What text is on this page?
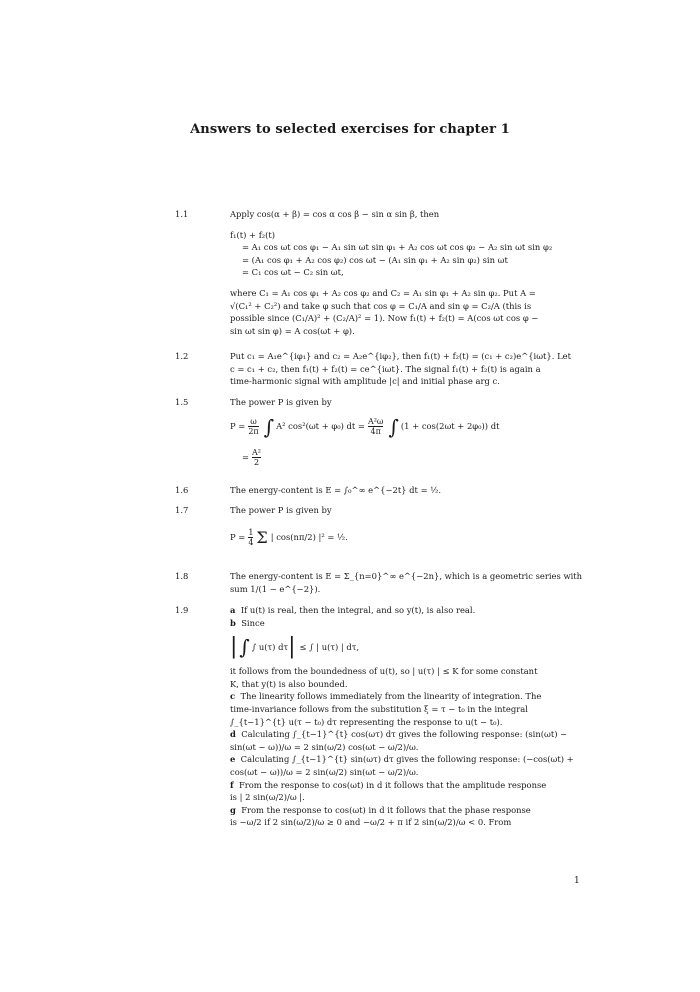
Answers to selected exercises for chapter 1
1.1	Apply cos(α + β) = cos α cos β − sin α sin β, then

f₁(t) + f₂(t)

= A₁ cos ωt cos φ₁ − A₁ sin ωt sin φ₁ + A₂ cos ωt cos φ₂ − A₂ sin ωt sin φ₂

= (A₁ cos φ₁ + A₂ cos φ₂) cos ωt − (A₁ sin φ₁ + A₂ sin φ₂) sin ωt

= C₁ cos ωt − C₂ sin ωt,

where C₁ = A₁ cos φ₁ + A₂ cos φ₂ and C₂ = A₁ sin φ₁ + A₂ sin φ₂. Put A =

√(C₁² + C₂²) and take φ such that cos φ = C₁/A and sin φ = C₂/A (this is

possible since (C₁/A)² + (C₂/A)² = 1). Now f₁(t) + f₂(t) = A(cos ωt cos φ −

sin ωt sin φ) = A cos(ωt + φ).

1.2	Put c₁ = A₁e^{iφ₁} and c₂ = A₂e^{iφ₂}, then f₁(t) + f₂(t) = (c₁ + c₂)e^{iωt}. Let

c = c₁ + c₂, then f₁(t) + f₂(t) = ce^{iωt}. The signal f₁(t) + f₂(t) is again a

time-harmonic signal with amplitude |c| and initial phase arg c.

1.5	The power P is given by

$P = \frac{\omega}{2\pi}$ ∫ A² cos²(ωt + φ₀) dt = $\frac{\text{A²ω}}{4\pi}$ ∫ (1 + cos(2ωt + 2φ₀)) dt
= $\frac{\text{A²}}{2}$
1.6	The energy-content is E = ∫₀^∞ e^{−2t} dt = ½.

1.7	The power P is given by

$P = \frac{1}{4}$ Σ | cos(nπ/2) |² = ½.
1.8	The energy-content is E = Σ_{n=0}^∞ e^{−2n}, which is a geometric series with

sum 1/(1 − e^{−2}).

1.9	a If u(t) is real, then the integral, and so y(t), is also real.

b Since

| ∫ ∫ u(τ) dτ | ≤ ∫ | u(τ) | dτ,

it follows from the boundedness of u(t), so | u(τ) | ≤ K for some constant

K, that y(t) is also bounded.

c The linearity follows immediately from the linearity of integration. The

time-invariance follows from the substitution ξ = τ − t₀ in the integral

∫_{t−1}^{t} u(τ − t₀) dτ representing the response to u(t − t₀).

d Calculating ∫_{t−1}^{t} cos(ωτ) dτ gives the following response: (sin(ωt) −

sin(ωt − ω))/ω = 2 sin(ω/2) cos(ωt − ω/2)/ω.

e Calculating ∫_{t−1}^{t} sin(ωτ) dτ gives the following response: (−cos(ωt) +

cos(ωt − ω))/ω = 2 sin(ω/2) sin(ωt − ω/2)/ω.

f From the response to cos(ωt) in d it follows that the amplitude response

is | 2 sin(ω/2)/ω |.

g From the response to cos(ωt) in d it follows that the phase response

is −ω/2 if 2 sin(ω/2)/ω ≥ 0 and −ω/2 + π if 2 sin(ω/2)/ω < 0. From

1
